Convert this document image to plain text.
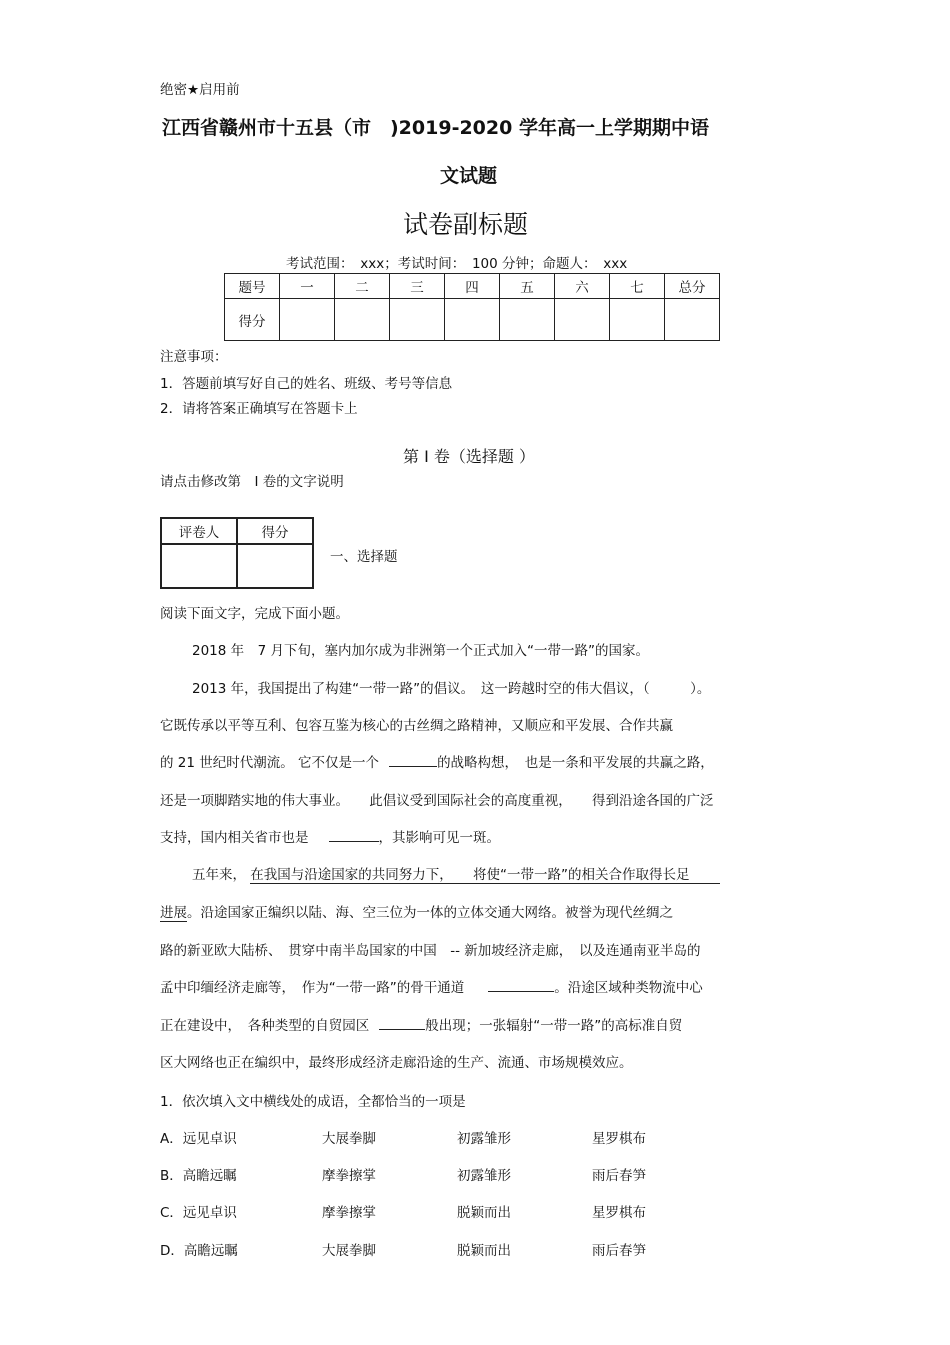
绝密★启用前
江西省赣州市十五县（市　)2019-2020 学年高一上学期期中语
文试题
试卷副标题
考试范围：　xxx；考试时间：　100 分钟；命题人：　xxx
题号	一	二	三	四	五	六	七	总分
得分								
注意事项：
1．答题前填写好自己的姓名、班级、考号等信息
2．请将答案正确填写在答题卡上
第 I 卷（选择题 ）
请点击修改第　I 卷的文字说明
评卷人	得分

一、选择题
阅读下面文字，完成下面小题。
2018 年　7 月下旬，塞内加尔成为非洲第一个正式加入“一带一路”的国家。
2013 年，我国提出了构建“一带一路”的倡议。　这一跨越时空的伟大倡议，（　　　）。
它既传承以平等互利、包容互鉴为核心的古丝绸之路精神，又顺应和平发展、合作共赢
的 21 世纪时代潮流。 它不仅是一个	的战略构想，　也是一条和平发展的共赢之路，
还是一项脚踏实地的伟大事业。　　此倡议受到国际社会的高度重视，　　得到沿途各国的广泛
支持，国内相关省市也是	，其影响可见一斑。
五年来， 在我国与沿途国家的共同努力下，　　将使“一带一路”的相关合作取得长足
进展。沿途国家正编织以陆、海、空三位为一体的立体交通大网络。被誉为现代丝绸之
路的新亚欧大陆桥、　贯穿中南半岛国家的中国　-- 新加坡经济走廊，　以及连通南亚半岛的
孟中印缅经济走廊等，　作为“一带一路”的骨干通道	。沿途区域种类物流中心
正在建设中，　各种类型的自贸园区	般出现；一张辐射“一带一路”的高标准自贸
区大网络也正在编织中，最终形成经济走廊沿途的生产、流通、市场规模效应。
1．依次填入文中横线处的成语，全都恰当的一项是
A．远见卓识	大展拳脚	初露雏形	星罗棋布
B．高瞻远瞩	摩拳擦掌	初露雏形	雨后春笋
C．远见卓识	摩拳擦掌	脱颖而出	星罗棋布
D．高瞻远瞩	大展拳脚	脱颖而出	雨后春笋
